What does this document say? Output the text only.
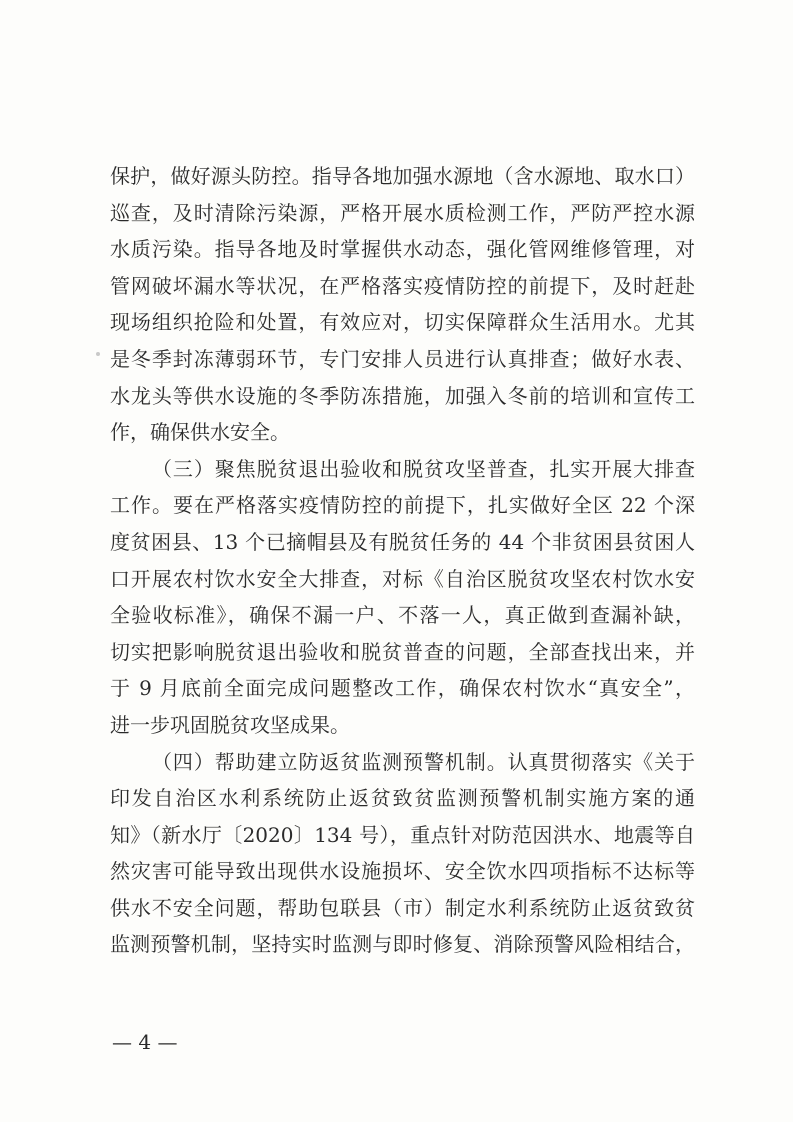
保护，做好源头防控。指导各地加强水源地（含水源地、取水口）
巡查，及时清除污染源，严格开展水质检测工作，严防严控水源
水质污染。指导各地及时掌握供水动态，强化管网维修管理，对
管网破坏漏水等状况，在严格落实疫情防控的前提下，及时赶赴
现场组织抢险和处置，有效应对，切实保障群众生活用水。尤其
是冬季封冻薄弱环节，专门安排人员进行认真排查；做好水表、
水龙头等供水设施的冬季防冻措施，加强入冬前的培训和宣传工
作，确保供水安全。
（三）聚焦脱贫退出验收和脱贫攻坚普查，扎实开展大排查
工作。要在严格落实疫情防控的前提下，扎实做好全区 22 个深
度贫困县、13 个已摘帽县及有脱贫任务的 44 个非贫困县贫困人
口开展农村饮水安全大排查，对标《自治区脱贫攻坚农村饮水安
全验收标准》，确保不漏一户、不落一人，真正做到查漏补缺，
切实把影响脱贫退出验收和脱贫普查的问题，全部查找出来，并
于 9 月底前全面完成问题整改工作，确保农村饮水“真安全”，
进一步巩固脱贫攻坚成果。
（四）帮助建立防返贫监测预警机制。认真贯彻落实《关于
印发自治区水利系统防止返贫致贫监测预警机制实施方案的通
知》（新水厅〔2020〕134 号），重点针对防范因洪水、地震等自
然灾害可能导致出现供水设施损坏、安全饮水四项指标不达标等
供水不安全问题，帮助包联县（市）制定水利系统防止返贫致贫
监测预警机制，坚持实时监测与即时修复、消除预警风险相结合，
— 4 —
